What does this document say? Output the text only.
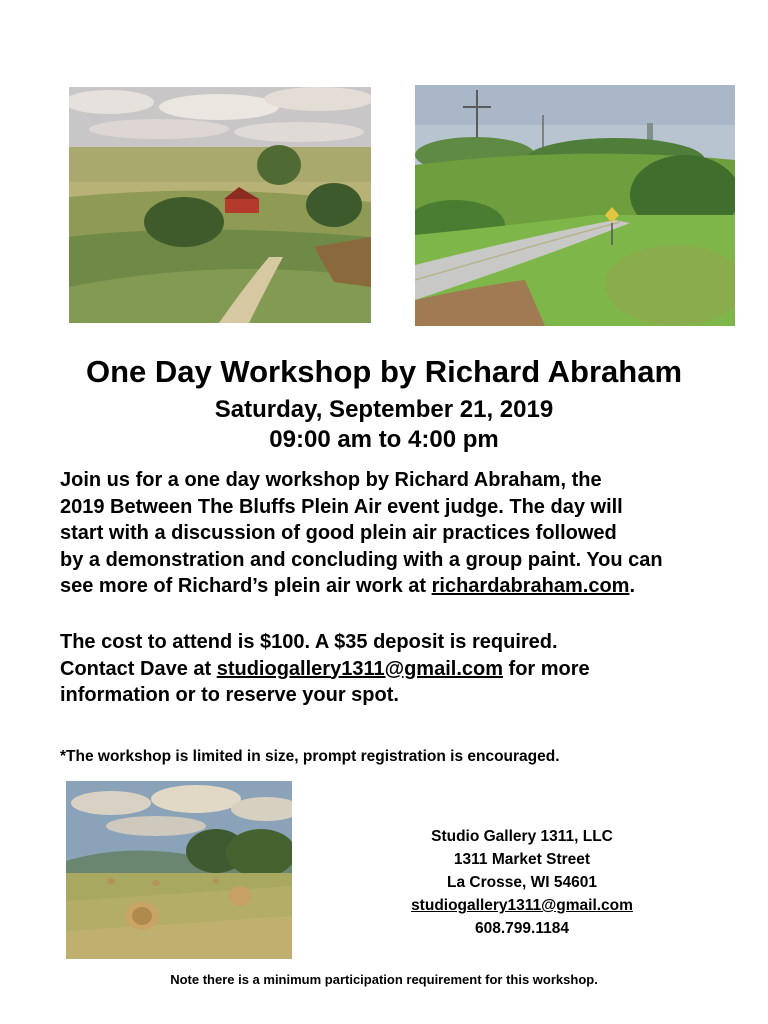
One Day Workshop by Richard Abraham
Saturday, September 21, 2019
09:00 am to 4:00 pm
Join us for a one day workshop by Richard Abraham, the
2019 Between The Bluffs Plein Air event judge. The day will
start with a discussion of good plein air practices followed
by a demonstration and concluding with a group paint. You can
see more of Richard’s plein air work at richardabraham.com.
The cost to attend is $100. A $35 deposit is required.
Contact Dave at studiogallery1311@gmail.com for more
information or to reserve your spot.
*The workshop is limited in size, prompt registration is encouraged.
Studio Gallery 1311, LLC
1311 Market Street
La Crosse, WI 54601
studiogallery1311@gmail.com
608.799.1184
Note there is a minimum participation requirement for this workshop.
